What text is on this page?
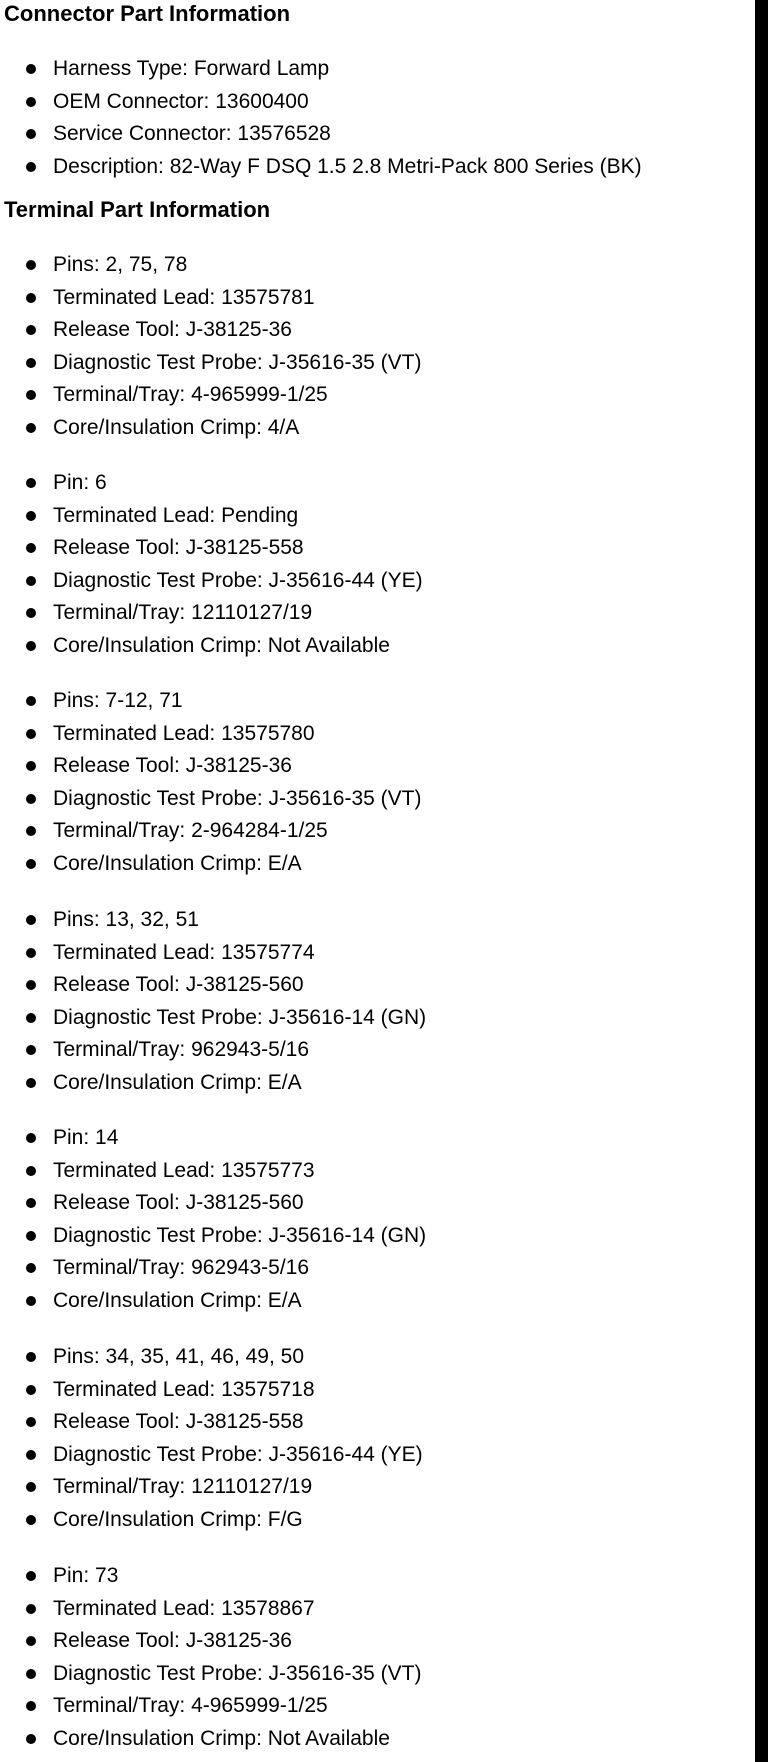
Connector Part Information
Harness Type: Forward Lamp
OEM Connector: 13600400
Service Connector: 13576528
Description: 82-Way F DSQ 1.5 2.8 Metri-Pack 800 Series (BK)
Terminal Part Information
Pins: 2, 75, 78
Terminated Lead: 13575781
Release Tool: J-38125-36
Diagnostic Test Probe: J-35616-35 (VT)
Terminal/Tray: 4-965999-1/25
Core/Insulation Crimp: 4/A
Pin: 6
Terminated Lead: Pending
Release Tool: J-38125-558
Diagnostic Test Probe: J-35616-44 (YE)
Terminal/Tray: 12110127/19
Core/Insulation Crimp: Not Available
Pins: 7-12, 71
Terminated Lead: 13575780
Release Tool: J-38125-36
Diagnostic Test Probe: J-35616-35 (VT)
Terminal/Tray: 2-964284-1/25
Core/Insulation Crimp: E/A
Pins: 13, 32, 51
Terminated Lead: 13575774
Release Tool: J-38125-560
Diagnostic Test Probe: J-35616-14 (GN)
Terminal/Tray: 962943-5/16
Core/Insulation Crimp: E/A
Pin: 14
Terminated Lead: 13575773
Release Tool: J-38125-560
Diagnostic Test Probe: J-35616-14 (GN)
Terminal/Tray: 962943-5/16
Core/Insulation Crimp: E/A
Pins: 34, 35, 41, 46, 49, 50
Terminated Lead: 13575718
Release Tool: J-38125-558
Diagnostic Test Probe: J-35616-44 (YE)
Terminal/Tray: 12110127/19
Core/Insulation Crimp: F/G
Pin: 73
Terminated Lead: 13578867
Release Tool: J-38125-36
Diagnostic Test Probe: J-35616-35 (VT)
Terminal/Tray: 4-965999-1/25
Core/Insulation Crimp: Not Available
